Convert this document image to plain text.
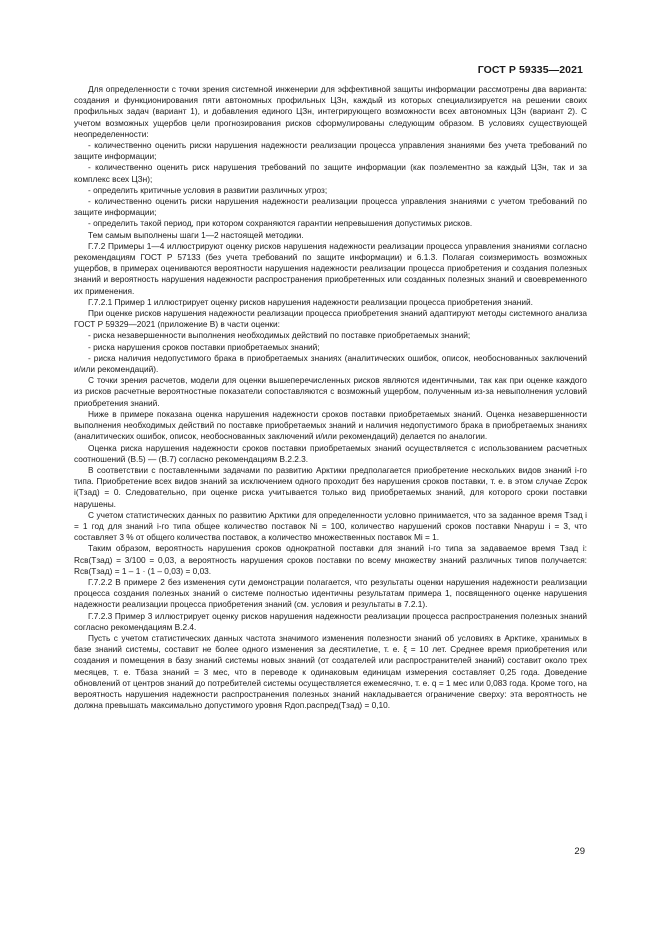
ГОСТ Р 59335—2021

Для определенности с точки зрения системной инженерии для эффективной защиты информации рассмотрены два варианта: создания и функционирования пяти автономных профильных ЦЗн, каждый из которых специализируется на решении своих профильных задач (вариант 1), и добавления единого ЦЗн, интегрирующего возможности всех автономных ЦЗн (вариант 2). С учетом возможных ущербов цели прогнозирования рисков сформулированы следующим образом. В условиях существующей неопределенности:

- количественно оценить риски нарушения надежности реализации процесса управления знаниями без учета требований по защите информации;

- количественно оценить риск нарушения требований по защите информации (как поэлементно за каждый ЦЗн, так и за комплекс всех ЦЗн);

- определить критичные условия в развитии различных угроз;

- количественно оценить риски нарушения надежности реализации процесса управления знаниями с учетом требований по защите информации;

- определить такой период, при котором сохраняются гарантии непревышения допустимых рисков.

Тем самым выполнены шаги 1—2 настоящей методики.

Г.7.2 Примеры 1—4 иллюстрируют оценку рисков нарушения надежности реализации процесса управления знаниями согласно рекомендациям ГОСТ Р 57133 (без учета требований по защите информации) и 6.1.3. Полагая соизмеримость возможных ущербов, в примерах оцениваются вероятности нарушения надежности реализации процесса приобретения и создания полезных знаний и вероятность нарушения надежности распространения приобретенных или созданных полезных знаний и своевременного их применения.

Г.7.2.1 Пример 1 иллюстрирует оценку рисков нарушения надежности реализации процесса приобретения знаний.

При оценке рисков нарушения надежности реализации процесса приобретения знаний адаптируют методы системного анализа ГОСТ Р 59329—2021 (приложение В) в части оценки:

- риска незавершенности выполнения необходимых действий по поставке приобретаемых знаний;

- риска нарушения сроков поставки приобретаемых знаний;

- риска наличия недопустимого брака в приобретаемых знаниях (аналитических ошибок, описок, необоснованных заключений и/или рекомендаций).

С точки зрения расчетов, модели для оценки вышеперечисленных рисков являются идентичными, так как при оценке каждого из рисков расчетные вероятностные показатели сопоставляются с возможный ущербом, полученным из-за невыполнения условий приобретения знаний.

Ниже в примере показана оценка нарушения надежности сроков поставки приобретаемых знаний. Оценка незавершенности выполнения необходимых действий по поставке приобретаемых знаний и наличия недопустимого брака в приобретаемых знаниях (аналитических ошибок, описок, необоснованных заключений и/или рекомендаций) делается по аналогии.

Оценка риска нарушения надежности сроков поставки приобретаемых знаний осуществляется с использованием расчетных соотношений (В.5) — (В.7) согласно рекомендациям В.2.2.3.

В соответствии с поставленными задачами по развитию Арктики предполагается приобретение нескольких видов знаний i-го типа. Приобретение всех видов знаний за исключением одного проходит без нарушения сроков поставки, т. е. в этом случае Zсрок i(Tзад) = 0. Следовательно, при оценке риска учитывается только вид приобретаемых знаний, для которого сроки поставки нарушены.

С учетом статистических данных по развитию Арктики для определенности условно принимается, что за заданное время Tзад i = 1 год для знаний i-го типа общее количество поставок Ni = 100, количество нарушений сроков поставки Nнаруш i = 3, что составляет 3 % от общего количества поставок, а количество множественных поставок Mi = 1.

Таким образом, вероятность нарушения сроков однократной поставки для знаний i-го типа за задаваемое время Tзад i: Rсв(Tзад) = 3/100 = 0,03, а вероятность нарушения сроков поставки по всему множеству знаний различных типов получается: Rсв(Tзад) = 1 – 1 · (1 – 0,03) = 0,03.

Г.7.2.2 В примере 2 без изменения сути демонстрации полагается, что результаты оценки нарушения надежности реализации процесса создания полезных знаний о системе полностью идентичны результатам примера 1, посвященного оценке нарушения надежности реализации процесса приобретения знаний (см. условия и результаты в 7.2.1).

Г.7.2.3 Пример 3 иллюстрирует оценку рисков нарушения надежности реализации процесса распространения полезных знаний согласно рекомендациям В.2.4.

Пусть с учетом статистических данных частота значимого изменения полезности знаний об условиях в Арктике, хранимых в базе знаний системы, составит не более одного изменения за десятилетие, т. е. ξ = 10 лет. Среднее время приобретения или создания и помещения в базу знаний системы новых знаний (от создателей или распространителей знаний) составит около трех месяцев, т. е. Tбаза знаний = 3 мес, что в переводе к одинаковым единицам измерения составляет 0,25 года. Доведение обновлений от центров знаний до потребителей системы осуществляется ежемесячно, т. е. q = 1 мес или 0,083 года. Кроме того, на вероятность нарушения надежности распространения полезных знаний накладывается ограничение сверху: эта вероятность не должна превышать максимально допустимого уровня Rдоп.распред(Tзад) = 0,10.

29
